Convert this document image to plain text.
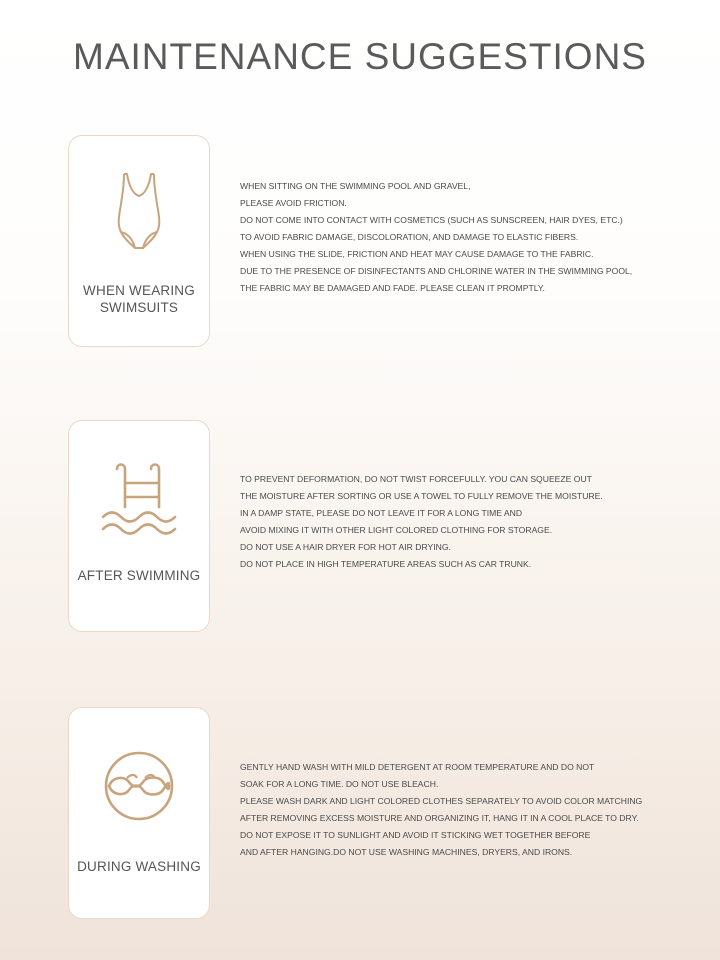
MAINTENANCE SUGGESTIONS
WHEN WEARING SWIMSUITS
WHEN SITTING ON THE SWIMMING POOL AND GRAVEL,
PLEASE AVOID FRICTION.
DO NOT COME INTO CONTACT WITH COSMETICS (SUCH AS SUNSCREEN, HAIR DYES, ETC.)
TO AVOID FABRIC DAMAGE, DISCOLORATION, AND DAMAGE TO ELASTIC FIBERS.
WHEN USING THE SLIDE, FRICTION AND HEAT MAY CAUSE DAMAGE TO THE FABRIC.
DUE TO THE PRESENCE OF DISINFECTANTS AND CHLORINE WATER IN THE SWIMMING POOL,
THE FABRIC MAY BE DAMAGED AND FADE. PLEASE CLEAN IT PROMPTLY.
AFTER SWIMMING
TO PREVENT DEFORMATION, DO NOT TWIST FORCEFULLY. YOU CAN SQUEEZE OUT
THE MOISTURE AFTER SORTING OR USE A TOWEL TO FULLY REMOVE THE MOISTURE.
IN A DAMP STATE, PLEASE DO NOT LEAVE IT FOR A LONG TIME AND
AVOID MIXING IT WITH OTHER LIGHT COLORED CLOTHING FOR STORAGE.
DO NOT USE A HAIR DRYER FOR HOT AIR DRYING.
DO NOT PLACE IN HIGH TEMPERATURE AREAS SUCH AS CAR TRUNK.
DURING WASHING
GENTLY HAND WASH WITH MILD DETERGENT AT ROOM TEMPERATURE AND DO NOT
SOAK FOR A LONG TIME. DO NOT USE BLEACH.
PLEASE WASH DARK AND LIGHT COLORED CLOTHES SEPARATELY TO AVOID COLOR MATCHING
AFTER REMOVING EXCESS MOISTURE AND ORGANIZING IT, HANG IT IN A COOL PLACE TO DRY.
DO NOT EXPOSE IT TO SUNLIGHT AND AVOID IT STICKING WET TOGETHER BEFORE
AND AFTER HANGING.DO NOT USE WASHING MACHINES, DRYERS, AND IRONS.
